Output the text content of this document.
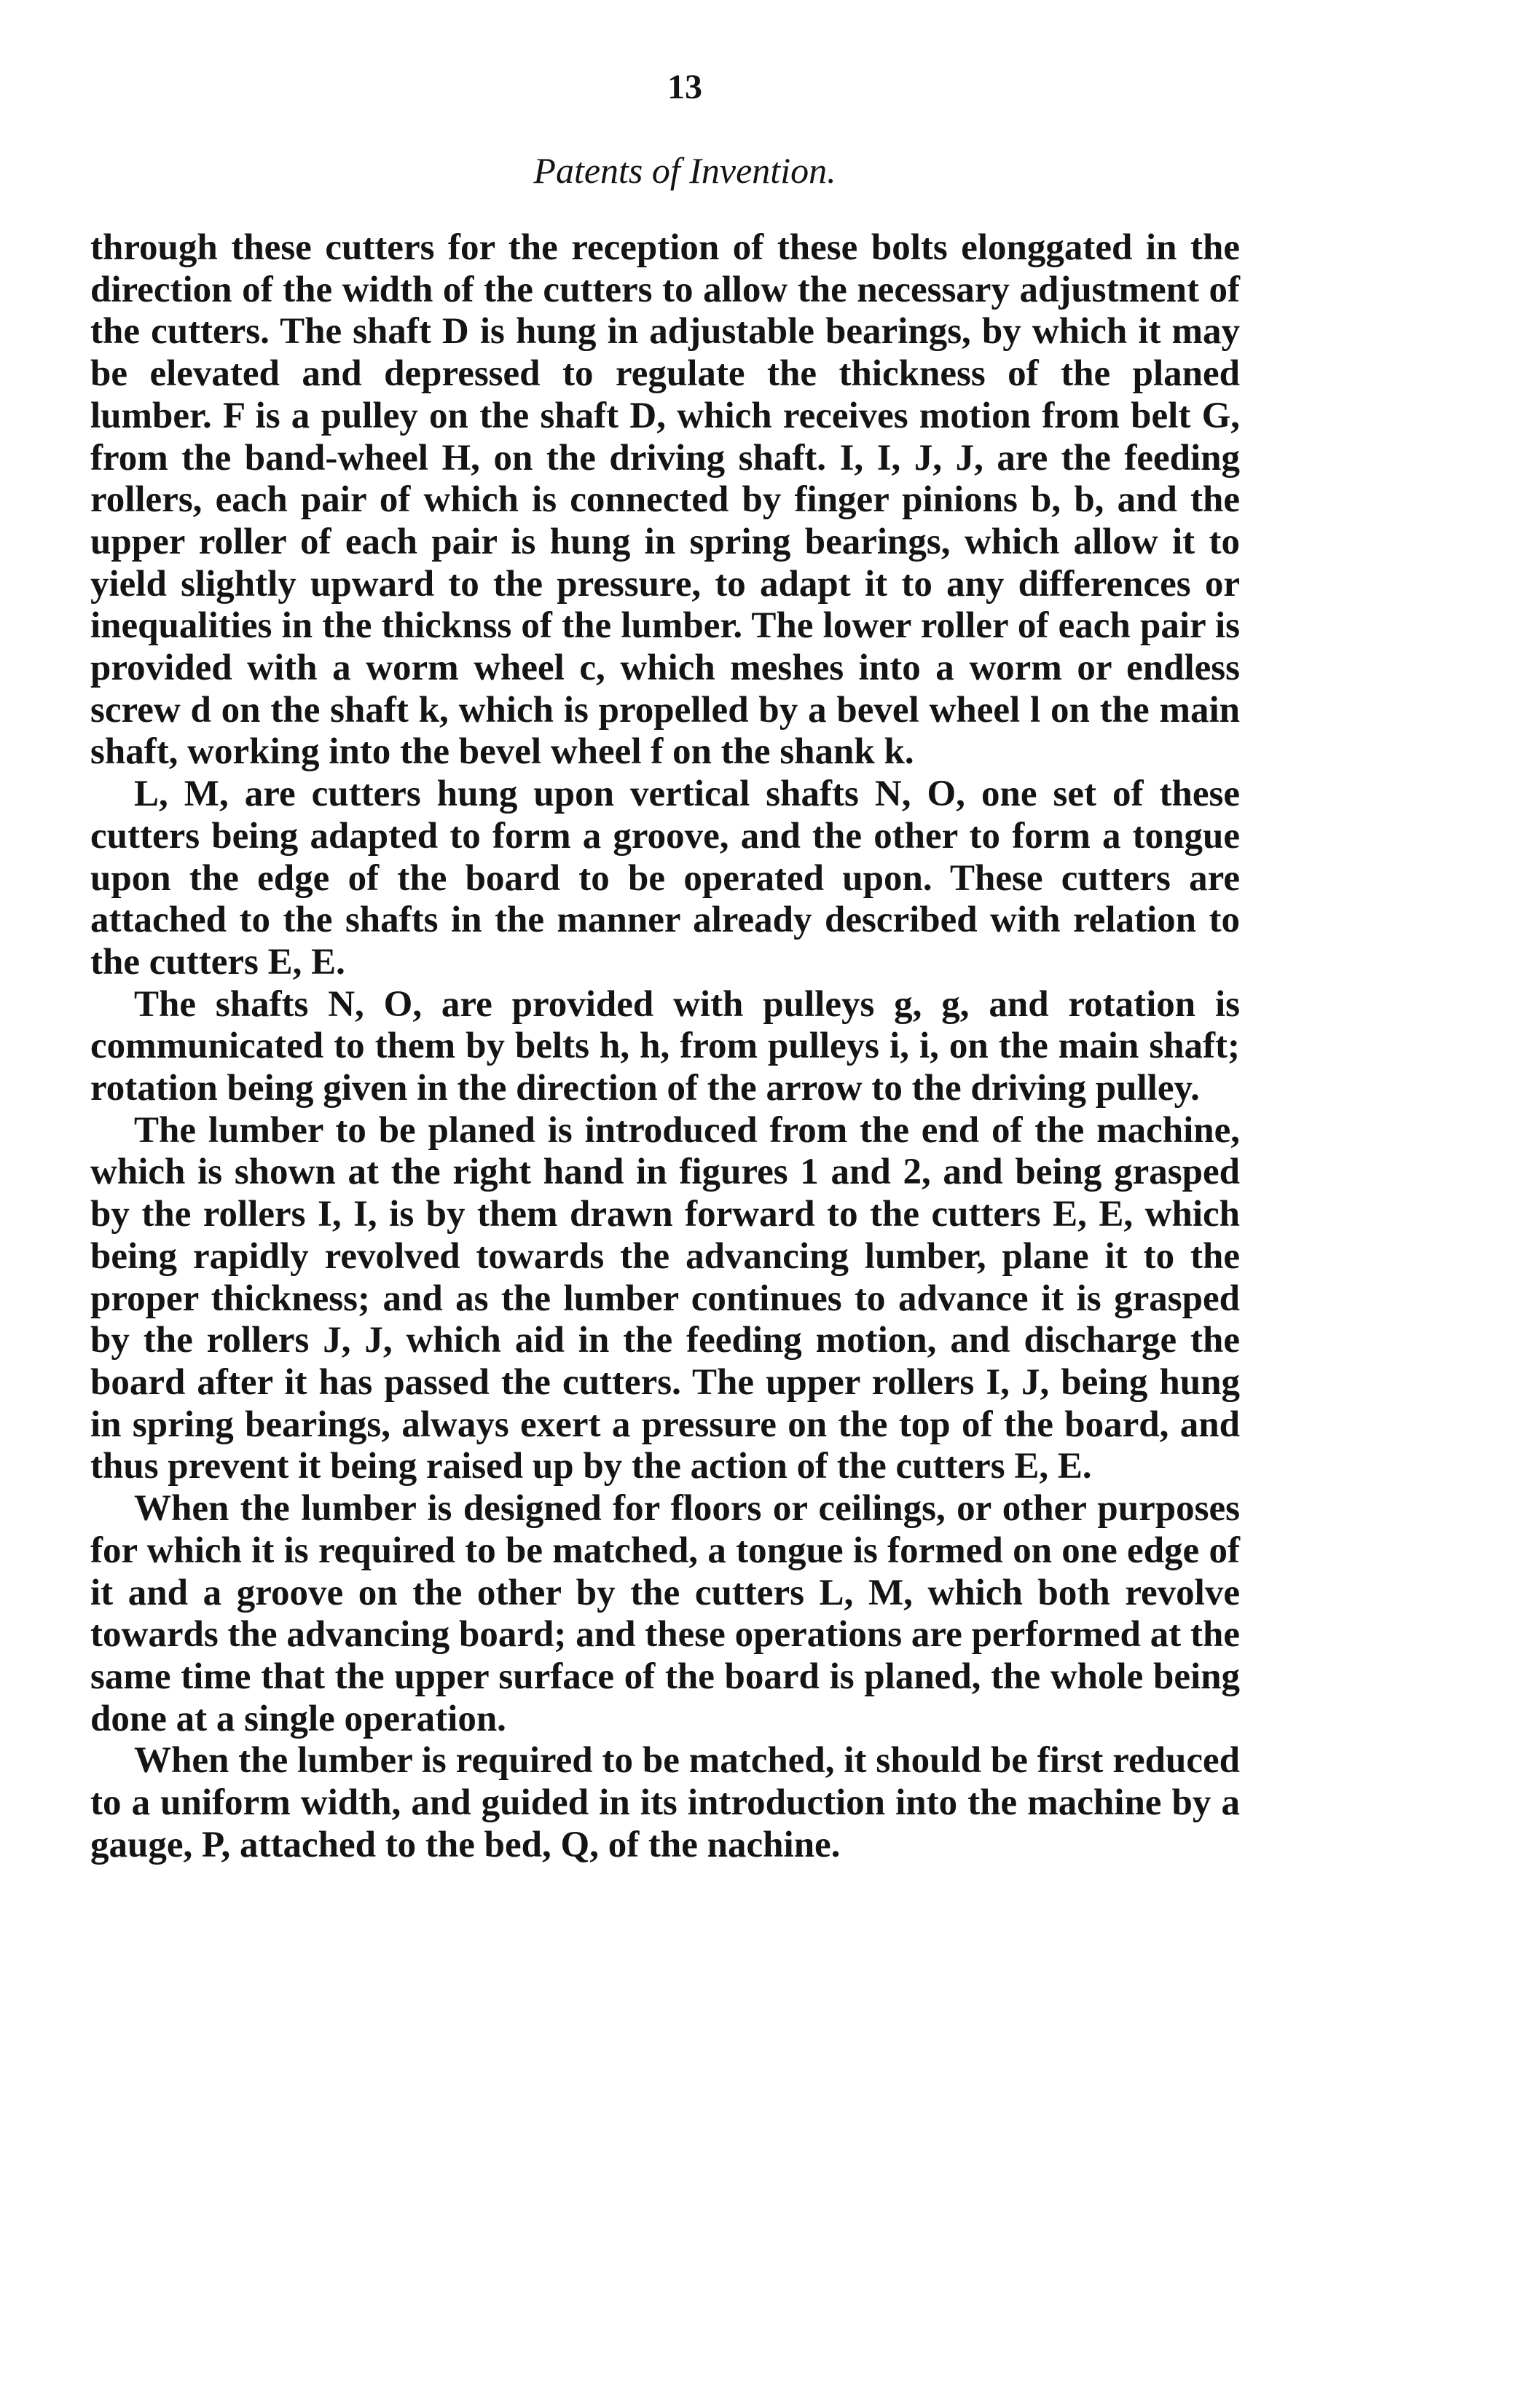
13

Patents of Invention.

through these cutters for the reception of these bolts elonggated in the direction of the width of the cutters to allow the necessary adjustment of the cutters. The shaft D is hung in adjustable bearings, by which it may be elevated and depressed to regulate the thickness of the planed lumber. F is a pulley on the shaft D, which receives motion from belt G, from the band-wheel H, on the driving shaft. I, I, J, J, are the feeding rollers, each pair of which is connected by finger pinions b, b, and the upper roller of each pair is hung in spring bearings, which allow it to yield slightly upward to the pressure, to adapt it to any differences or inequalities in the thicknss of the lumber. The lower roller of each pair is provided with a worm wheel c, which meshes into a worm or endless screw d on the shaft k, which is propelled by a bevel wheel l on the main shaft, working into the bevel wheel f on the shank k.

L, M, are cutters hung upon vertical shafts N, O, one set of these cutters being adapted to form a groove, and the other to form a tongue upon the edge of the board to be operated upon. These cutters are attached to the shafts in the manner already described with relation to the cutters E, E.

The shafts N, O, are provided with pulleys g, g, and rotation is communicated to them by belts h, h, from pulleys i, i, on the main shaft; rotation being given in the direction of the arrow to the driving pulley.

The lumber to be planed is introduced from the end of the machine, which is shown at the right hand in figures 1 and 2, and being grasped by the rollers I, I, is by them drawn forward to the cutters E, E, which being rapidly revolved towards the advancing lumber, plane it to the proper thickness; and as the lumber continues to advance it is grasped by the rollers J, J, which aid in the feeding motion, and discharge the board after it has passed the cutters. The upper rollers I, J, being hung in spring bearings, always exert a pressure on the top of the board, and thus prevent it being raised up by the action of the cutters E, E.

When the lumber is designed for floors or ceilings, or other purposes for which it is required to be matched, a tongue is formed on one edge of it and a groove on the other by the cutters L, M, which both revolve towards the advancing board; and these operations are performed at the same time that the upper surface of the board is planed, the whole being done at a single operation.

When the lumber is required to be matched, it should be first reduced to a uniform width, and guided in its introduction into the machine by a gauge, P, attached to the bed, Q, of the nachine.
